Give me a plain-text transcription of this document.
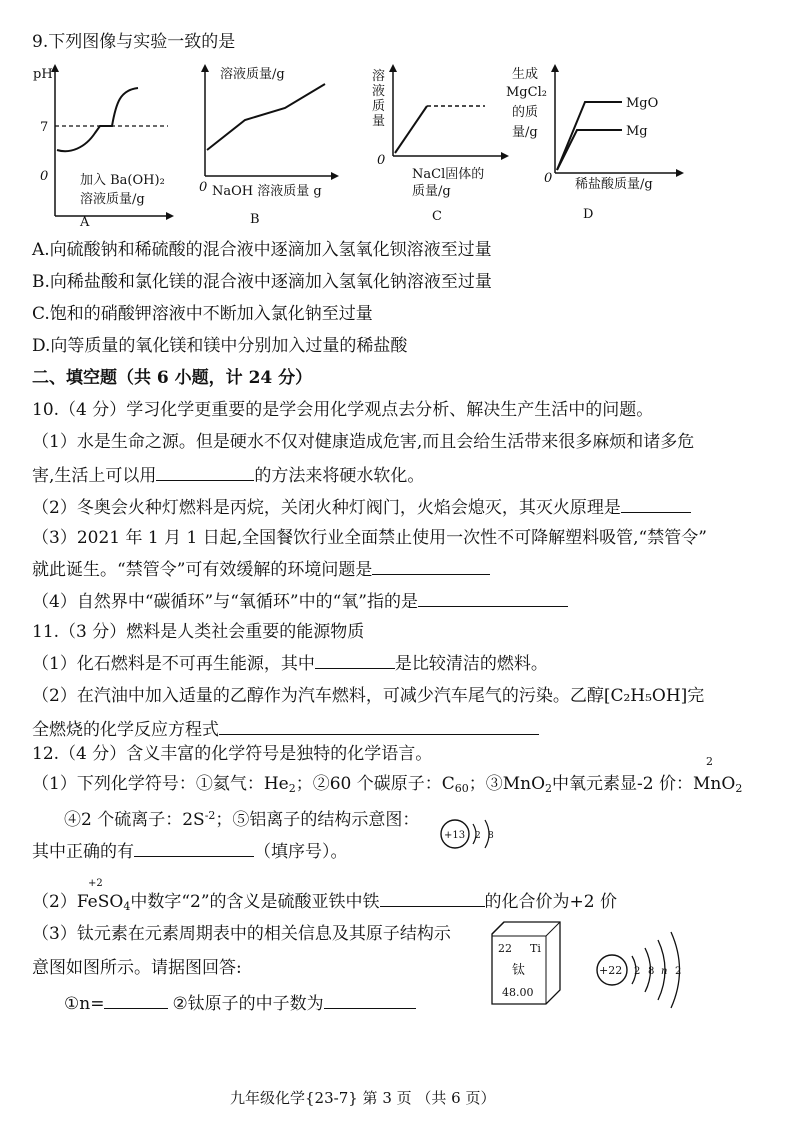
9.下列图像与实验一致的是
pH
7
0 加入 Ba(OH)₂
溶液质量/g
A
溶液质量/g
0 NaOH 溶液质量 g
B
溶
液
质
量
0
NaCl固体的
质量/g
C
生成
MgCl₂
的质
量/g
MgO
Mg
0 稀盐酸质量/g
D
A.向硫酸钠和稀硫酸的混合液中逐滴加入氢氧化钡溶液至过量
B.向稀盐酸和氯化镁的混合液中逐滴加入氢氧化钠溶液至过量
C.饱和的硝酸钾溶液中不断加入氯化钠至过量
D.向等质量的氧化镁和镁中分别加入过量的稀盐酸
二、填空题（共 6 小题，计 24 分）
10.（4 分）学习化学更重要的是学会用化学观点去分析、解决生产生活中的问题。
（1）水是生命之源。但是硬水不仅对健康造成危害,而且会给生活带来很多麻烦和诸多危
害,生活上可以用	的方法来将硬水软化。
（2）冬奥会火种灯燃料是丙烷，关闭火种灯阀门，火焰会熄灭，其灭火原理是
（3）2021 年 1 月 1 日起,全国餐饮行业全面禁止使用一次性不可降解塑料吸管,“禁管令”
就此诞生。“禁管令”可有效缓解的环境问题是
（4）自然界中“碳循环”与“氧循环”中的“氧”指的是
11.（3 分）燃料是人类社会重要的能源物质
（1）化石燃料是不可再生能源，其中	是比较清洁的燃料。
（2）在汽油中加入适量的乙醇作为汽车燃料，可减少汽车尾气的污染。乙醇[C₂H₅OH]完
全燃烧的化学反应方程式
12.（4 分）含义丰富的化学符号是独特的化学语言。	2
（1）下列化学符号：①氦气：$He_2$；②60 个碳原子：$C_{60}$；③MnO$_2$中氧元素显-2 价：MnO$_2$
④2 个硫离子：$2S^{-2}$；⑤铝离子的结构示意图：
+13 2 8
其中正确的有	（填序号）。
+2
（2）FeSO$_4$中数字“2”的含义是硫酸亚铁中铁	的化合价为+2 价
（3）钛元素在元素周期表中的相关信息及其原子结构示
意图如图所示。请据图回答:
①n=	②钛原子的中子数为
22 Ti
钛
48.00
+22 2 8 n 2
九年级化学{23-7} 第 3 页 （共 6 页）
